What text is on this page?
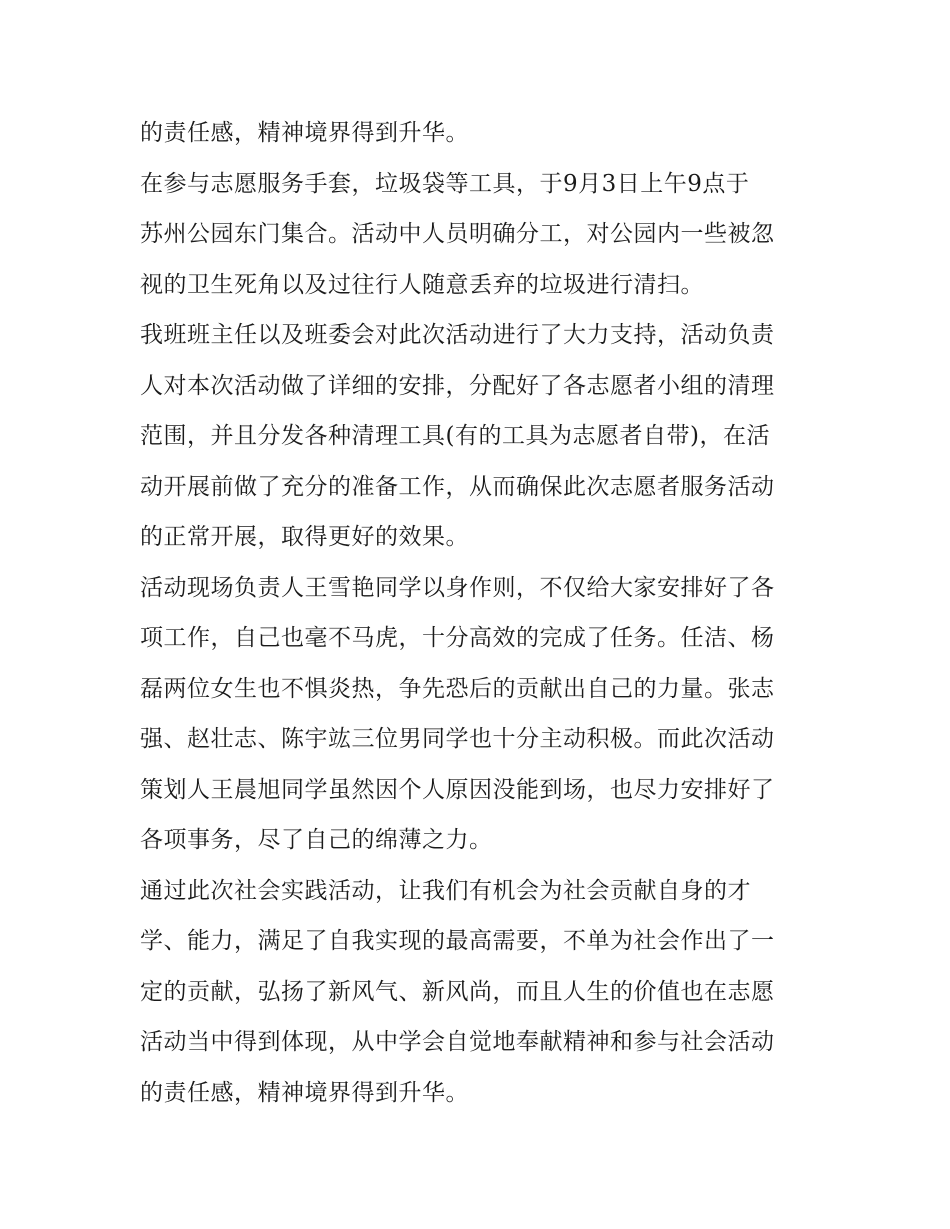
的责任感，精神境界得到升华。
在参与志愿服务手套，垃圾袋等工具，于9月3日上午9点于
苏州公园东门集合。活动中人员明确分工，对公园内一些被忽
视的卫生死角以及过往行人随意丢弃的垃圾进行清扫。
我班班主任以及班委会对此次活动进行了大力支持，活动负责
人对本次活动做了详细的安排，分配好了各志愿者小组的清理
范围，并且分发各种清理工具(有的工具为志愿者自带)，在活
动开展前做了充分的准备工作，从而确保此次志愿者服务活动
的正常开展，取得更好的效果。
活动现场负责人王雪艳同学以身作则，不仅给大家安排好了各
项工作，自己也毫不马虎，十分高效的完成了任务。任洁、杨
磊两位女生也不惧炎热，争先恐后的贡献出自己的力量。张志
强、赵壮志、陈宇竑三位男同学也十分主动积极。而此次活动
策划人王晨旭同学虽然因个人原因没能到场，也尽力安排好了
各项事务，尽了自己的绵薄之力。
通过此次社会实践活动，让我们有机会为社会贡献自身的才
学、能力，满足了自我实现的最高需要，不单为社会作出了一
定的贡献，弘扬了新风气、新风尚，而且人生的价值也在志愿
活动当中得到体现，从中学会自觉地奉献精神和参与社会活动
的责任感，精神境界得到升华。
